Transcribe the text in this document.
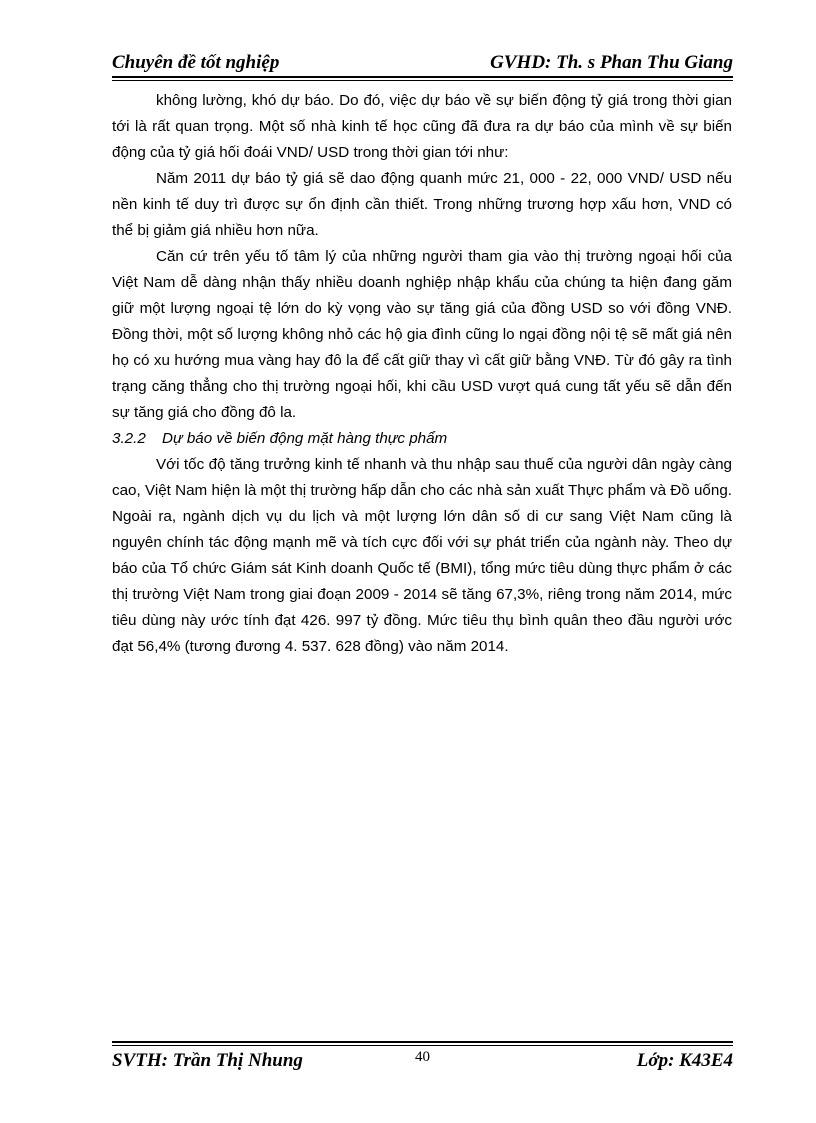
Chuyên đề tốt nghiệp	GVHD: Th. s Phan Thu Giang

không lường, khó dự báo. Do đó, việc dự báo về sự biến động tỷ giá trong thời gian tới là rất quan trọng. Một số nhà kinh tế học cũng đã đưa ra dự báo của mình về sự biến động của tỷ giá hối đoái VND/ USD trong thời gian tới như:

Năm 2011 dự báo tỷ giá sẽ dao động quanh mức 21, 000 - 22, 000 VND/ USD nếu nền kinh tế duy trì được sự ổn định cần thiết. Trong những trương hợp xấu hơn, VND có thể bị giảm giá nhiều hơn nữa.

Căn cứ trên yếu tố tâm lý của những người tham gia vào thị trường ngoại hối của Việt Nam dễ dàng nhận thấy nhiều doanh nghiệp nhập khẩu của chúng ta hiện đang găm giữ một lượng ngoại tệ lớn do kỳ vọng vào sự tăng giá của đồng USD so với đồng VNĐ. Đồng thời, một số lượng không nhỏ các hộ gia đình cũng lo ngại đồng nội tệ sẽ mất giá nên họ có xu hướng mua vàng hay đô la để cất giữ thay vì cất giữ bằng VNĐ. Từ đó gây ra tình trạng căng thẳng cho thị trường ngoại hối, khi cầu USD vượt quá cung tất yếu sẽ dẫn đến sự tăng giá cho đồng đô la.

3.2.2 Dự báo về biến động mặt hàng thực phẩm

Với tốc độ tăng trưởng kinh tế nhanh và thu nhập sau thuế của người dân ngày càng cao, Việt Nam hiện là một thị trường hấp dẫn cho các nhà sản xuất Thực phẩm và Đồ uống. Ngoài ra, ngành dịch vụ du lịch và một lượng lớn dân số di cư sang Việt Nam cũng là nguyên chính tác động mạnh mẽ và tích cực đối với sự phát triển của ngành này. Theo dự báo của Tổ chức Giám sát Kinh doanh Quốc tế (BMI), tổng mức tiêu dùng thực phẩm ở các thị trường Việt Nam trong giai đoạn 2009 - 2014 sẽ tăng 67,3%, riêng trong năm 2014, mức tiêu dùng này ước tính đạt 426. 997 tỷ đồng. Mức tiêu thụ bình quân theo đầu người ước đạt 56,4% (tương đương 4. 537. 628 đồng) vào năm 2014.

SVTH: Trần Thị Nhung	40	Lớp: K43E4
